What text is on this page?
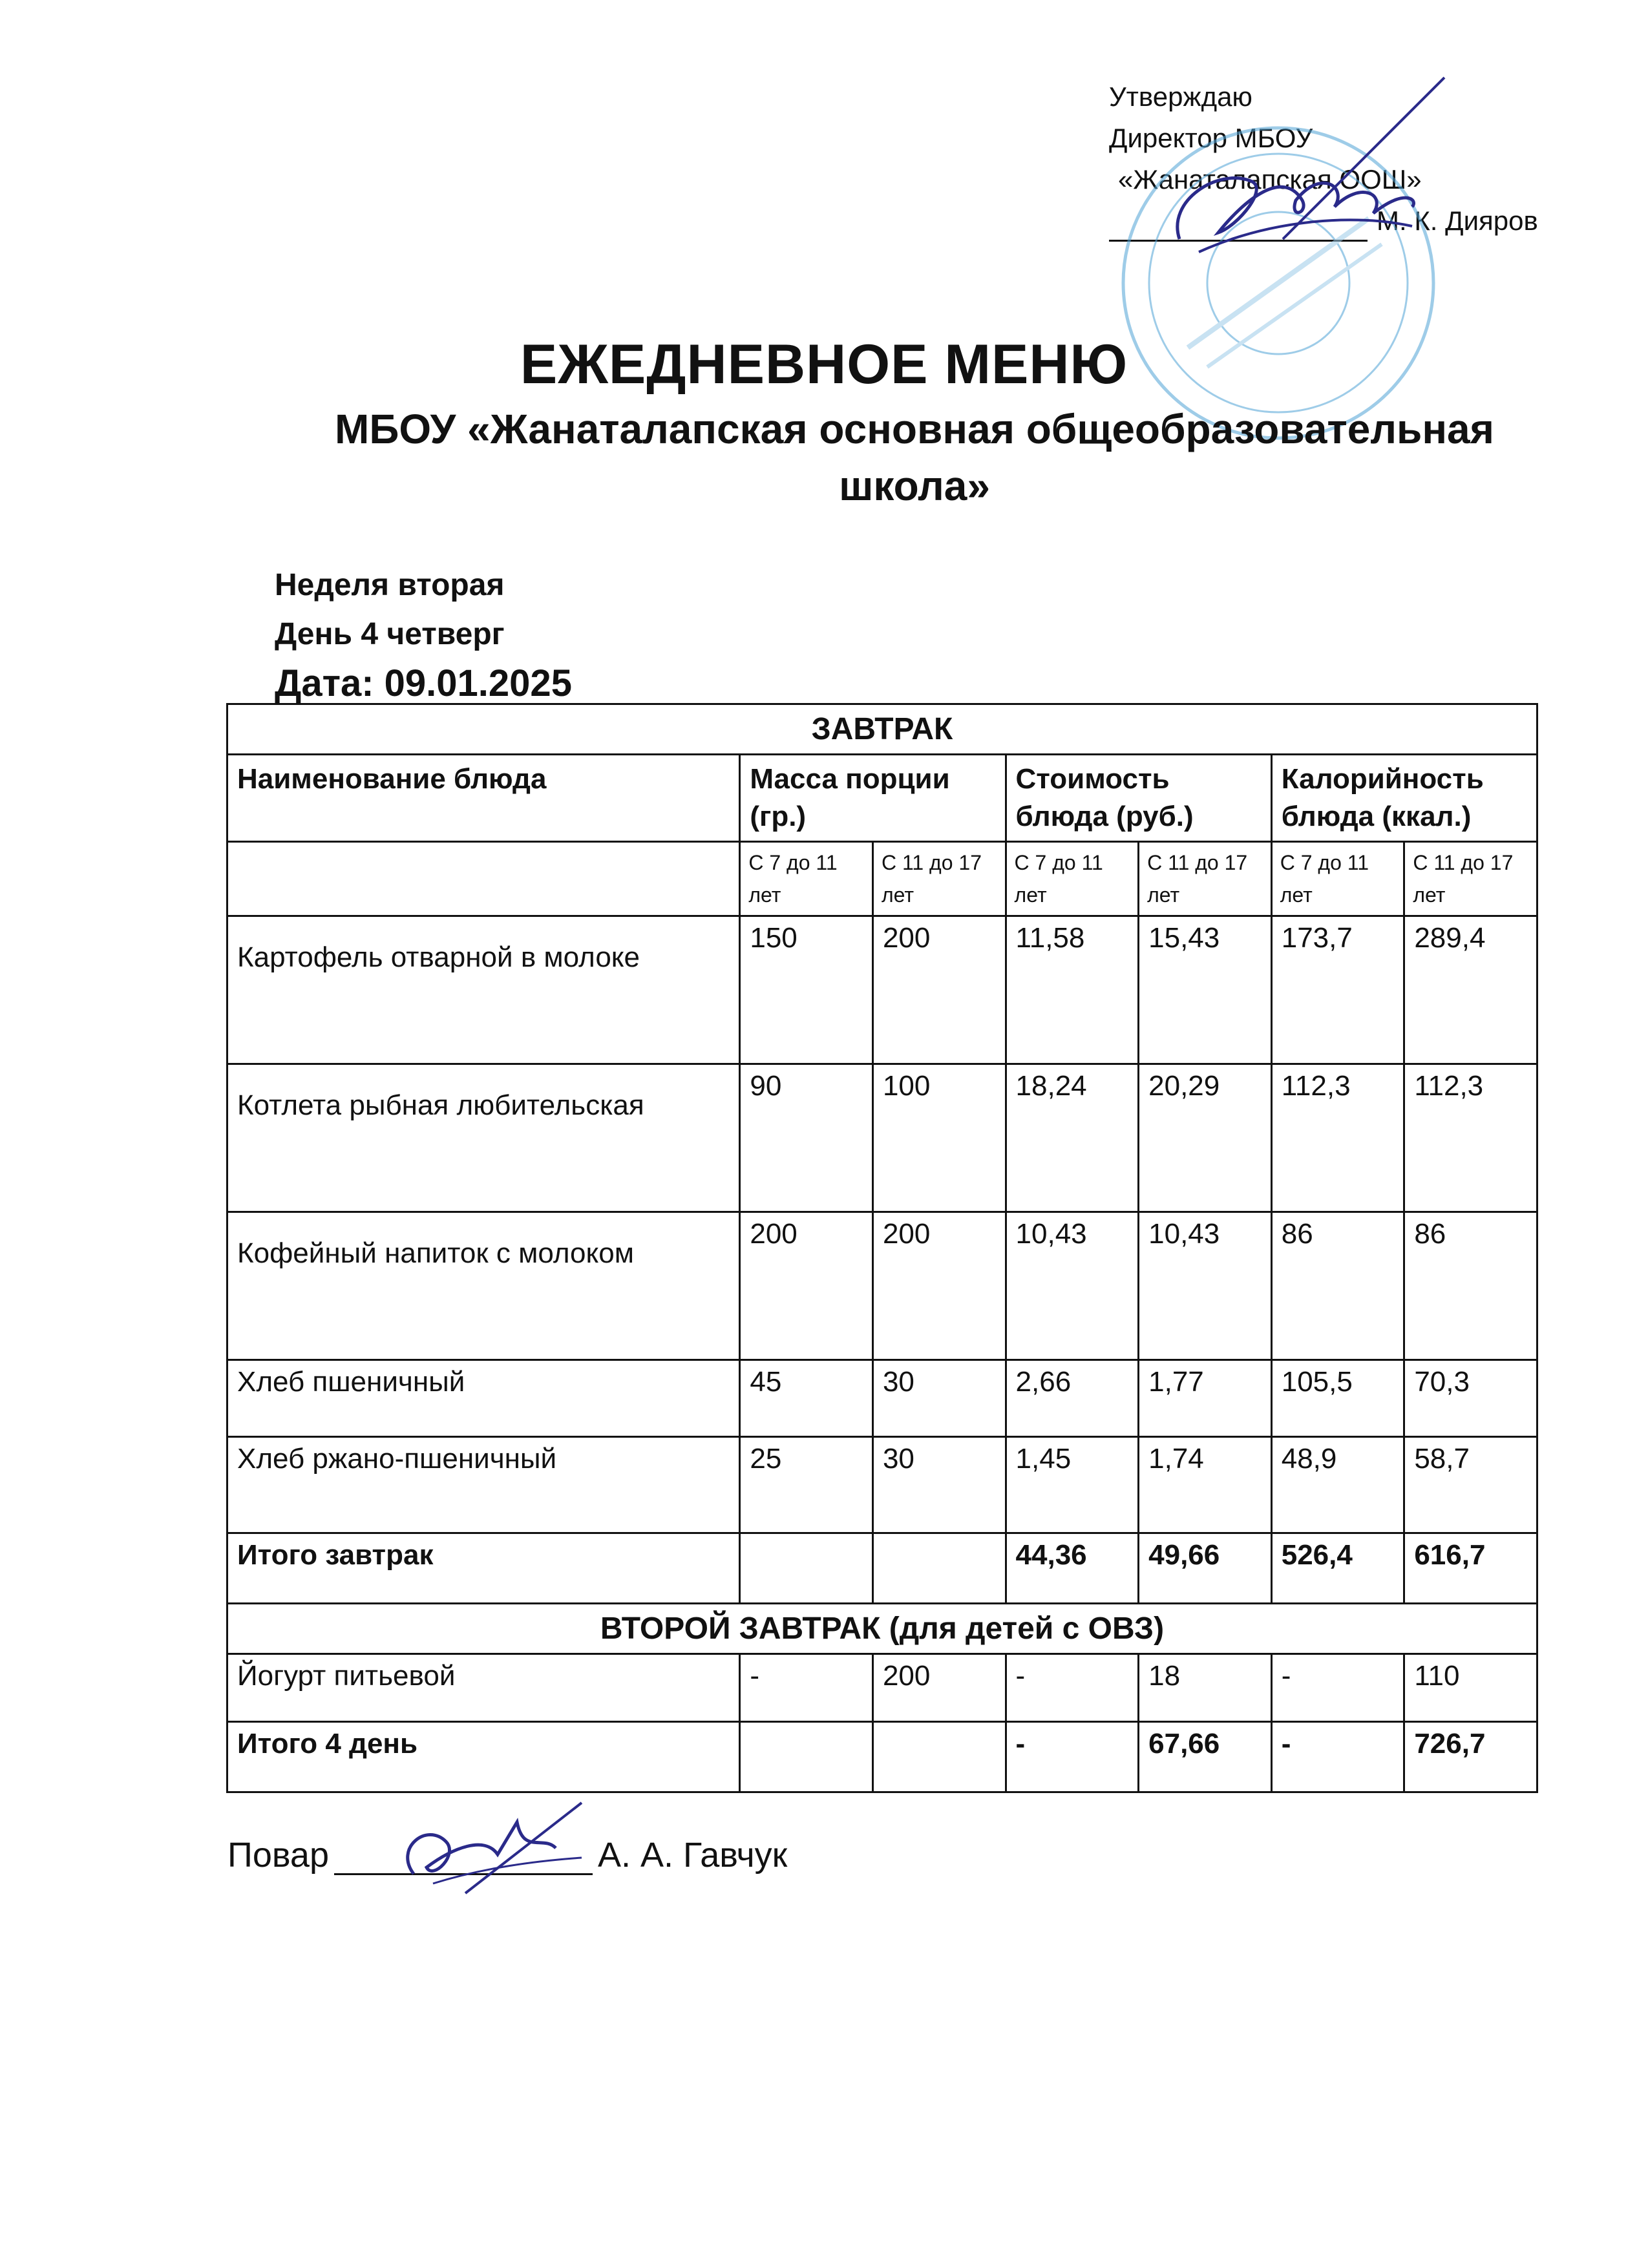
Утверждаю
Директор МБОУ
«Жанаталапская ООШ»
М. К. Дияров
ЕЖЕДНЕВНОЕ МЕНЮ
МБОУ «Жанаталапская основная общеобразовательная школа»
Неделя вторая
День 4 четверг
Дата: 09.01.2025
ЗАВТРАК						
Наименование блюда	Масса порции (гр.)		Стоимость блюда (руб.)		Калорийность блюда (ккал.)	
	С 7 до 11 лет	С 11 до 17 лет	С 7 до 11 лет	С 11 до 17 лет	С 7 до 11 лет	С 11 до 17 лет
Картофель отварной в молоке	150	200	11,58	15,43	173,7	289,4
Котлета рыбная любительская	90	100	18,24	20,29	112,3	112,3
Кофейный напиток с молоком	200	200	10,43	10,43	86	86
Хлеб пшеничный	45	30	2,66	1,77	105,5	70,3
Хлеб ржано-пшеничный	25	30	1,45	1,74	48,9	58,7
Итого завтрак			44,36	49,66	526,4	616,7
ВТОРОЙ ЗАВТРАК (для детей с ОВЗ)						
Йогурт питьевой	-	200	-	18	-	110
Итого 4 день			-	67,66	-	726,7
Повар	А. А. Гавчук
